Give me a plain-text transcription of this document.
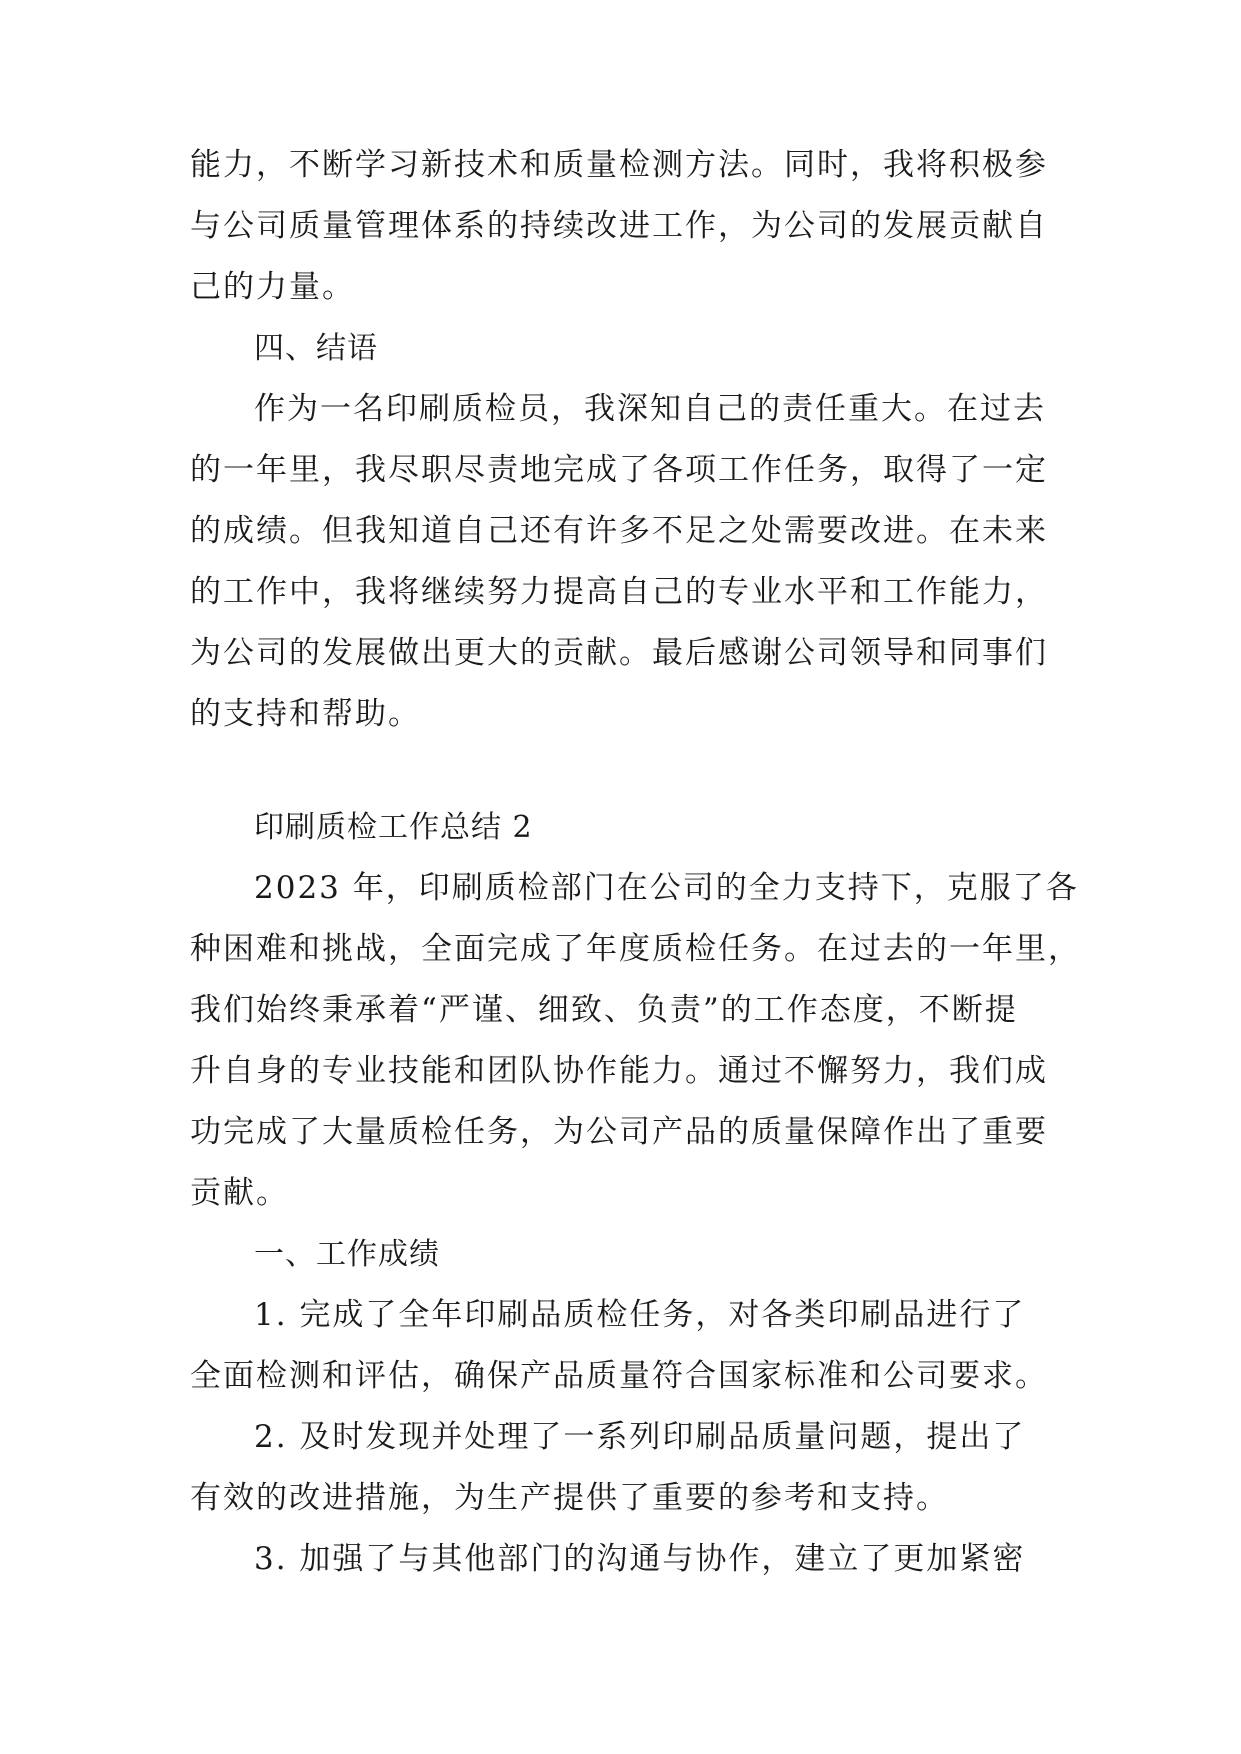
能力，不断学习新技术和质量检测方法。同时，我将积极参
与公司质量管理体系的持续改进工作，为公司的发展贡献自
己的力量。
四、结语
作为一名印刷质检员，我深知自己的责任重大。在过去
的一年里，我尽职尽责地完成了各项工作任务，取得了一定
的成绩。但我知道自己还有许多不足之处需要改进。在未来
的工作中，我将继续努力提高自己的专业水平和工作能力，
为公司的发展做出更大的贡献。最后感谢公司领导和同事们
的支持和帮助。
印刷质检工作总结 2
2023 年，印刷质检部门在公司的全力支持下，克服了各
种困难和挑战，全面完成了年度质检任务。在过去的一年里，
我们始终秉承着“严谨、细致、负责”的工作态度，不断提
升自身的专业技能和团队协作能力。通过不懈努力，我们成
功完成了大量质检任务，为公司产品的质量保障作出了重要
贡献。
一、工作成绩
1. 完成了全年印刷品质检任务，对各类印刷品进行了
全面检测和评估，确保产品质量符合国家标准和公司要求。
2. 及时发现并处理了一系列印刷品质量问题，提出了
有效的改进措施，为生产提供了重要的参考和支持。
3. 加强了与其他部门的沟通与协作，建立了更加紧密
